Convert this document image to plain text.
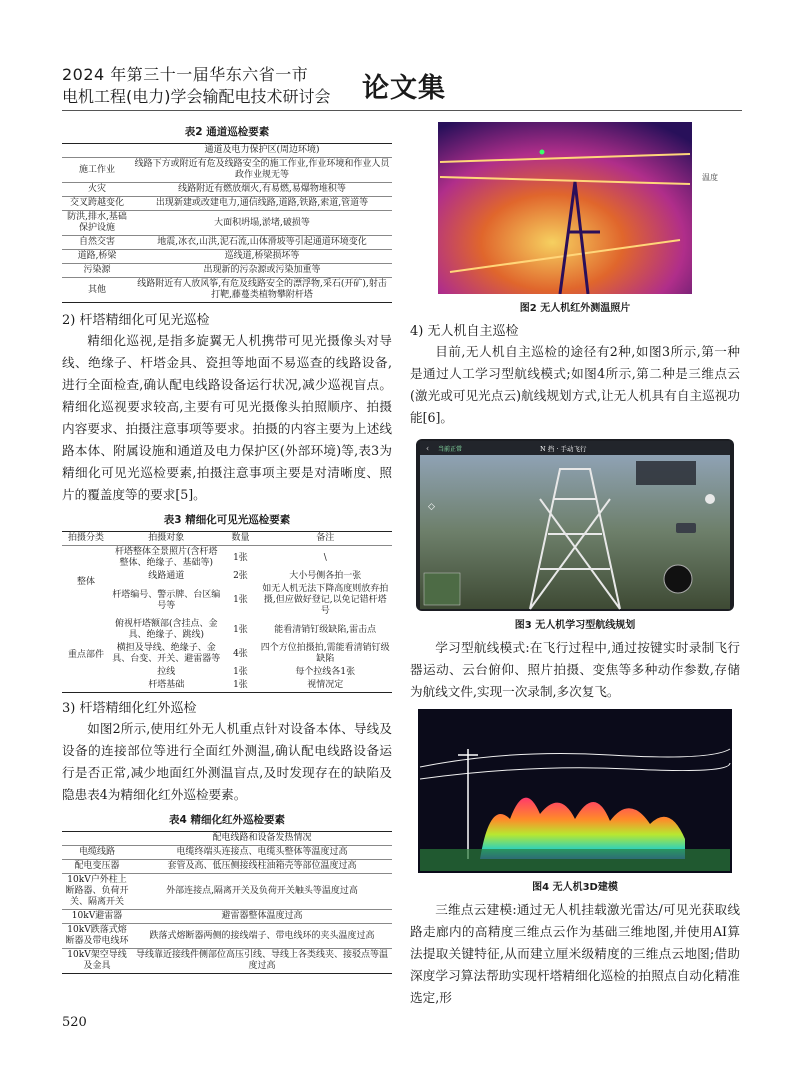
2024 年第三十一届华东六省一市
电机工程(电力)学会输配电技术研讨会 论文集
表2 通道巡检要素
	通道及电力保护区(周边环境)
施工作业	线路下方或附近有危及线路安全的施工作业,作业环境和作业人员政作业规无等
火灾	线路附近有燃放烟火,有易燃,易爆物堆积等
交叉跨越变化	出现新建或改建电力,通信线路,道路,铁路,索道,管道等
防洪,排水,基础保护设施	大面积坍塌,淤堵,破损等
自然交害	地震,冰衣,山洪,泥石流,山体滑坡等引起通道环境变化
道路,桥梁	巡线道,桥梁损坏等
污染源	出现新的污杂源或污染加重等
其他	线路附近有人放风筝,有危及线路安全的漂浮物,采石(开矿),射击打靶,藤蔓类植物攀附杆塔
2) 杆塔精细化可见光巡检

精细化巡视,是指多旋翼无人机携带可见光摄像头对导线、绝缘子、杆塔金具、瓷担等地面不易巡查的线路设备,进行全面检查,确认配电线路设备运行状况,减少巡视盲点。精细化巡视要求较高,主要有可见光摄像头拍照顺序、拍摄内容要求、拍摄注意事项等要求。拍摄的内容主要为上述线路本体、附属设施和通道及电力保护区(外部环境)等,表3为精细化可见光巡检要素,拍摄注意事项主要是对清晰度、照片的覆盖度等的要求[5]。

表3 精细化可见光巡检要素
拍摄分类	拍摄对象	数量	备注
整体	杆塔整体全景照片(含杆塔整体、绝缘子、基础等)	1张	\
	线路通道	2张	大小号侧各拍一张
	杆塔编号、警示牌、台区编号等	1张	如无人机无法下降高度则放弃拍摄,但应做好登记,以免记错杆塔号
重点部件	俯视杆塔额部(含挂点、金具、绝缘子、跳线)	1张	能看清销钉级缺陷,雷击点
	横担及导线、绝缘子、金具、台变、开关、避雷器等	4张	四个方位拍摄拍,需能看清销钉级缺陷
	拉线	1张	每个拉线各1张
	杆塔基础	1张	视情况定
3) 杆塔精细化红外巡检

如图2所示,使用红外无人机重点针对设备本体、导线及设备的连接部位等进行全面红外测温,确认配电线路设备运行是否正常,减少地面红外测温盲点,及时发现存在的缺陷及隐患表4为精细化红外巡检要素。

表4 精细化红外巡检要素
	配电线路和设备发热情况
电缆线路	电缆终端头连接点、电缆头整体等温度过高
配电变压器	套管及高、低压侧接线柱油箱壳等部位温度过高
10kV户外柱上断路器、负荷开关、隔离开关	外部连接点,隔离开关及负荷开关触头等温度过高
10kV避雷器	避雷器整体温度过高
10kV跌落式熔断器及带电线环	跌落式熔断器两侧的接线端子、带电线环的夹头温度过高
10kV架空导线及金具	导线靠近接线件侧部位高压引线、导线上各类线夹、接驳点等温度过高
温度
图2 无人机红外测温照片
4) 无人机自主巡检

目前,无人机自主巡检的途径有2种,如图3所示,第一种是通过人工学习型航线模式;如图4所示,第二种是三维点云(激光或可见光点云)航线规划方式,让无人机具有自主巡视功能[6]。

‹ 当前正常	N 挡 · 手动飞行
◇
图3 无人机学习型航线规划

学习型航线模式:在飞行过程中,通过按键实时录制飞行器运动、云台俯仰、照片拍摄、变焦等多种动作参数,存储为航线文件,实现一次录制,多次复飞。

图4 无人机3D建模

三维点云建模:通过无人机挂载激光雷达/可见光获取线路走廊内的高精度三维点云作为基础三维地图,并使用AI算法提取关键特征,从而建立厘米级精度的三维点云地图;借助深度学习算法帮助实现杆塔精细化巡检的拍照点自动化精准选定,形

520
